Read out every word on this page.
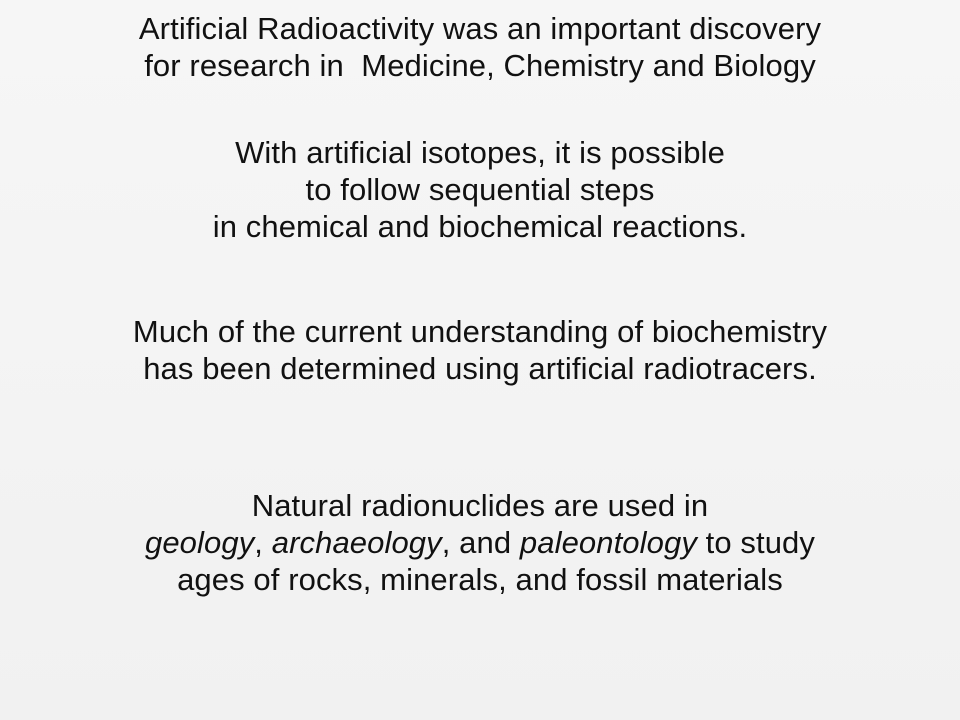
Artificial Radioactivity was an important discovery
for research in  Medicine, Chemistry and Biology
With artificial isotopes, it is possible
to follow sequential steps
in chemical and biochemical reactions.
Much of the current understanding of biochemistry
has been determined using artificial radiotracers.
Natural radionuclides are used in
geology, archaeology, and paleontology to study
ages of rocks, minerals, and fossil materials
